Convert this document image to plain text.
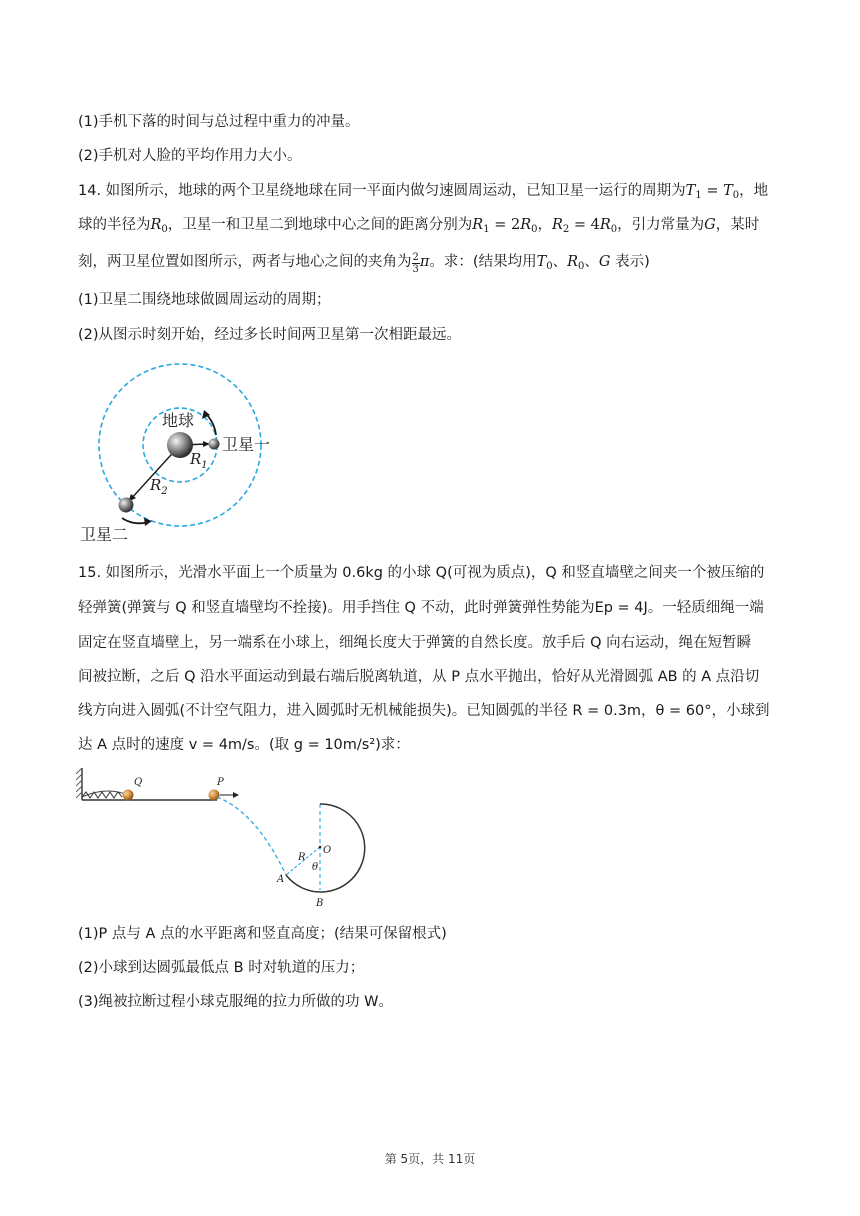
(1)手机下落的时间与总过程中重力的冲量。
(2)手机对人脸的平均作用力大小。
14. 如图所示，地球的两个卫星绕地球在同一平面内做匀速圆周运动，已知卫星一运行的周期为$T_1 = T_0$，地
球的半径为$R_0$，卫星一和卫星二到地球中心之间的距离分别为$R_1 = 2R_0$，$R_2 = 4R_0$，引力常量为G，某时
刻，两卫星位置如图所示，两者与地心之间的夹角为 $\frac{2}{3}$ π。求：(结果均用$T_0$、$R_0$、G 表示)
(1)卫星二围绕地球做圆周运动的周期；
(2)从图示时刻开始，经过多长时间两卫星第一次相距最远。
地球
卫星一
卫星二
$R_1$
$R_2$
15. 如图所示，光滑水平面上一个质量为 0.6kg 的小球 Q(可视为质点)，Q 和竖直墙壁之间夹一个被压缩的
轻弹簧(弹簧与 Q 和竖直墙壁均不拴接)。用手挡住 Q 不动，此时弹簧弹性势能为Ep = 4J。一轻质细绳一端
固定在竖直墙壁上，另一端系在小球上，细绳长度大于弹簧的自然长度。放手后 Q 向右运动，绳在短暂瞬
间被拉断，之后 Q 沿水平面运动到最右端后脱离轨道，从 P 点水平抛出，恰好从光滑圆弧 AB 的 A 点沿切
线方向进入圆弧(不计空气阻力，进入圆弧时无机械能损失)。已知圆弧的半径 R = 0.3m，θ = 60°，小球到
达 A 点时的速度 v = 4m/s。(取 g = 10m/s²)求：
Q	P
O
R
θ
A
B
(1)P 点与 A 点的水平距离和竖直高度；(结果可保留根式)
(2)小球到达圆弧最低点 B 时对轨道的压力；
(3)绳被拉断过程小球克服绳的拉力所做的功 W。
第 5页，共 11页
